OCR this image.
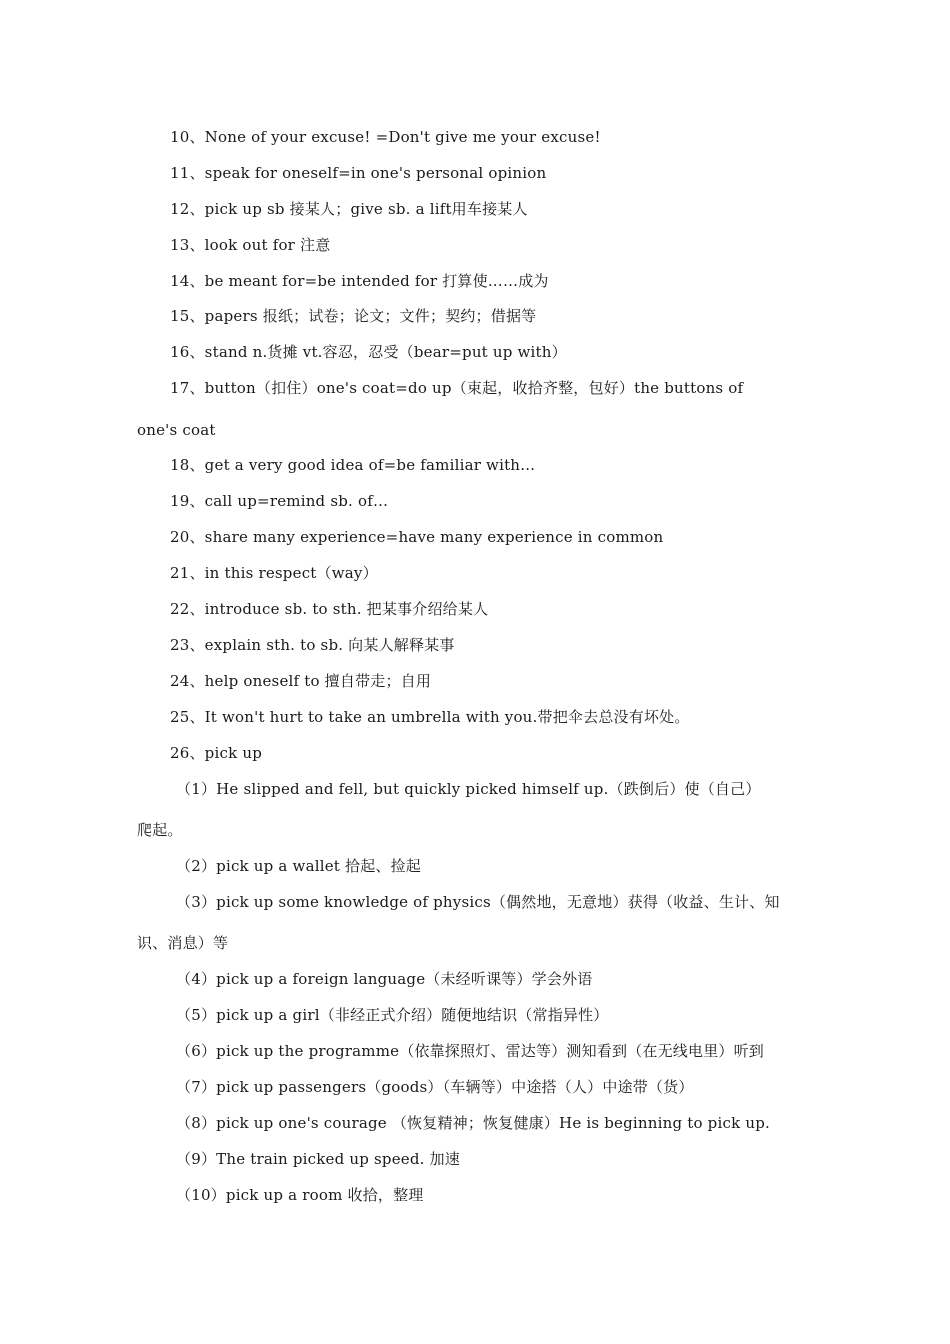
10、None of your excuse! =Don't give me your excuse!
11、speak for oneself=in one's personal opinion
12、pick up sb 接某人；give sb. a lift用车接某人
13、look out for 注意
14、be meant for=be intended for 打算使……成为
15、papers 报纸；试卷；论文；文件；契约；借据等
16、stand n.货摊 vt.容忍，忍受（bear=put up with）
17、button（扣住）one's coat=do up（束起，收拾齐整，包好）the buttons of
one's coat
18、get a very good idea of=be familiar with…
19、call up=remind sb. of…
20、share many experience=have many experience in common
21、in this respect（way）
22、introduce sb. to sth. 把某事介绍给某人
23、explain sth. to sb. 向某人解释某事
24、help oneself to 擅自带走；自用
25、It won't hurt to take an umbrella with you.带把伞去总没有坏处。
26、pick up
（1）He slipped and fell, but quickly picked himself up.（跌倒后）使（自己）
爬起。
（2）pick up a wallet 拾起、捡起
（3）pick up some knowledge of physics（偶然地，无意地）获得（收益、生计、知
识、消息）等
（4）pick up a foreign language（未经听课等）学会外语
（5）pick up a girl（非经正式介绍）随便地结识（常指异性）
（6）pick up the programme（依靠探照灯、雷达等）测知看到（在无线电里）听到
（7）pick up passengers（goods）（车辆等）中途搭（人）中途带（货）
（8）pick up one's courage （恢复精神；恢复健康）He is beginning to pick up.
（9）The train picked up speed. 加速
（10）pick up a room 收拾，整理
